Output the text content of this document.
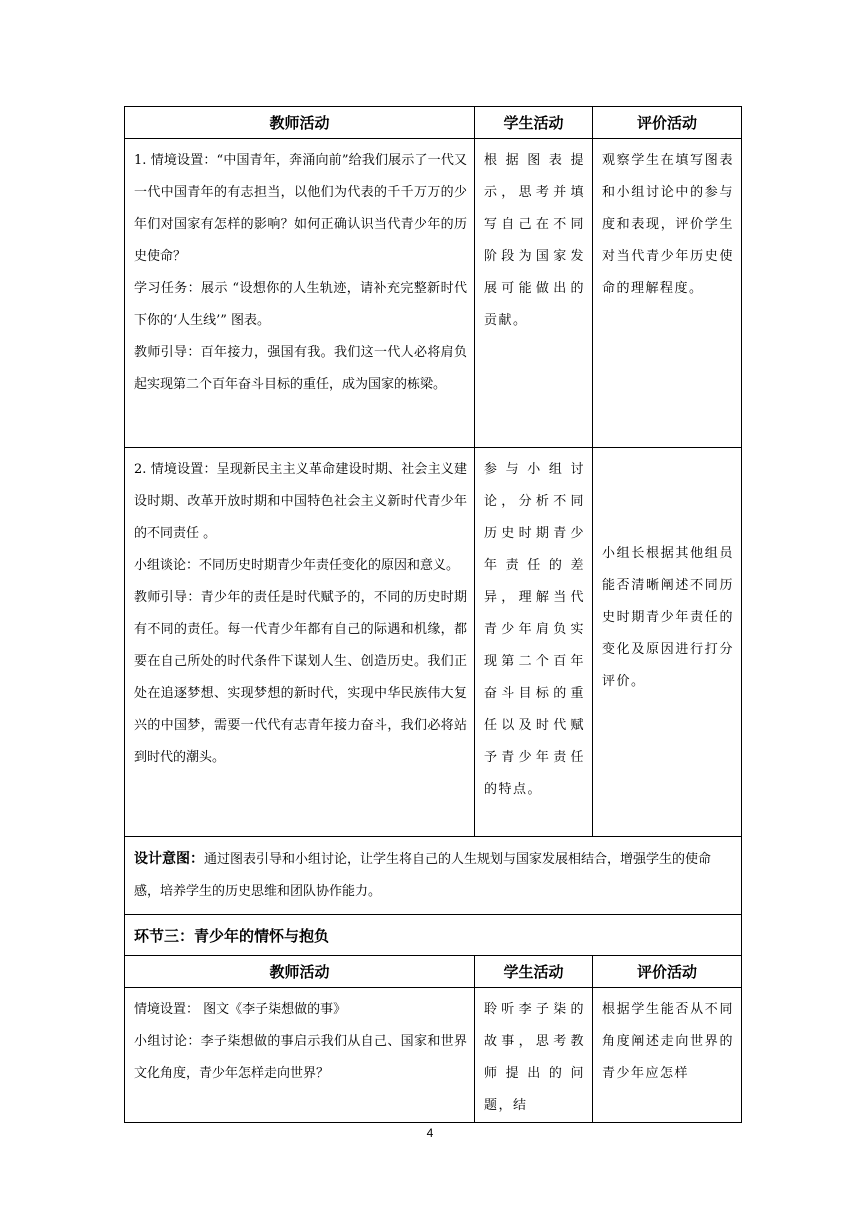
教师活动	学生活动	评价活动

1. 情境设置：“中国青年，奔涌向前”给我们展示了一代又一代中国青年的有志担当，以他们为代表的千千万万的少年们对国家有怎样的影响？如何正确认识当代青少年的历史使命？

学习任务：展示 “设想你的人生轨迹，请补充完整新时代下你的‘人生线’” 图表。

教师引导：百年接力，强国有我。我们这一代人必将肩负起实现第二个百年奋斗目标的重任，成为国家的栋梁。	根据图表提示，思考并填写自己在不同阶段为国家发展可能做出的贡献。	观察学生在填写图表和小组讨论中的参与度和表现，评价学生对当代青少年历史使命的理解程度。

2. 情境设置：呈现新民主主义革命建设时期、社会主义建设时期、改革开放时期和中国特色社会主义新时代青少年的不同责任 。

小组谈论：不同历史时期青少年责任变化的原因和意义。

教师引导：青少年的责任是时代赋予的，不同的历史时期有不同的责任。每一代青少年都有自己的际遇和机缘，都要在自己所处的时代条件下谋划人生、创造历史。我们正处在追逐梦想、实现梦想的新时代，实现中华民族伟大复兴的中国梦，需要一代代有志青年接力奋斗，我们必将站到时代的潮头。	参与小组讨论，分析不同历史时期青少年责任的差异，理解当代青少年肩负实现第二个百年奋斗目标的重任以及时代赋予青少年责任的特点。	小组长根据其他组员能否清晰阐述不同历史时期青少年责任的变化及原因进行打分评价。

设计意图：通过图表引导和小组讨论，让学生将自己的人生规划与国家发展相结合，增强学生的使命感，培养学生的历史思维和团队协作能力。		
环节三：青少年的情怀与抱负		
教师活动	学生活动	评价活动

情境设置： 图文《李子柒想做的事》

小组讨论：李子柒想做的事启示我们从自己、国家和世界文化角度，青少年怎样走向世界？	聆听李子柒的故事，思考教师提出的问题，结	根据学生能否从不同角度阐述走向世界的青少年应怎样

4
